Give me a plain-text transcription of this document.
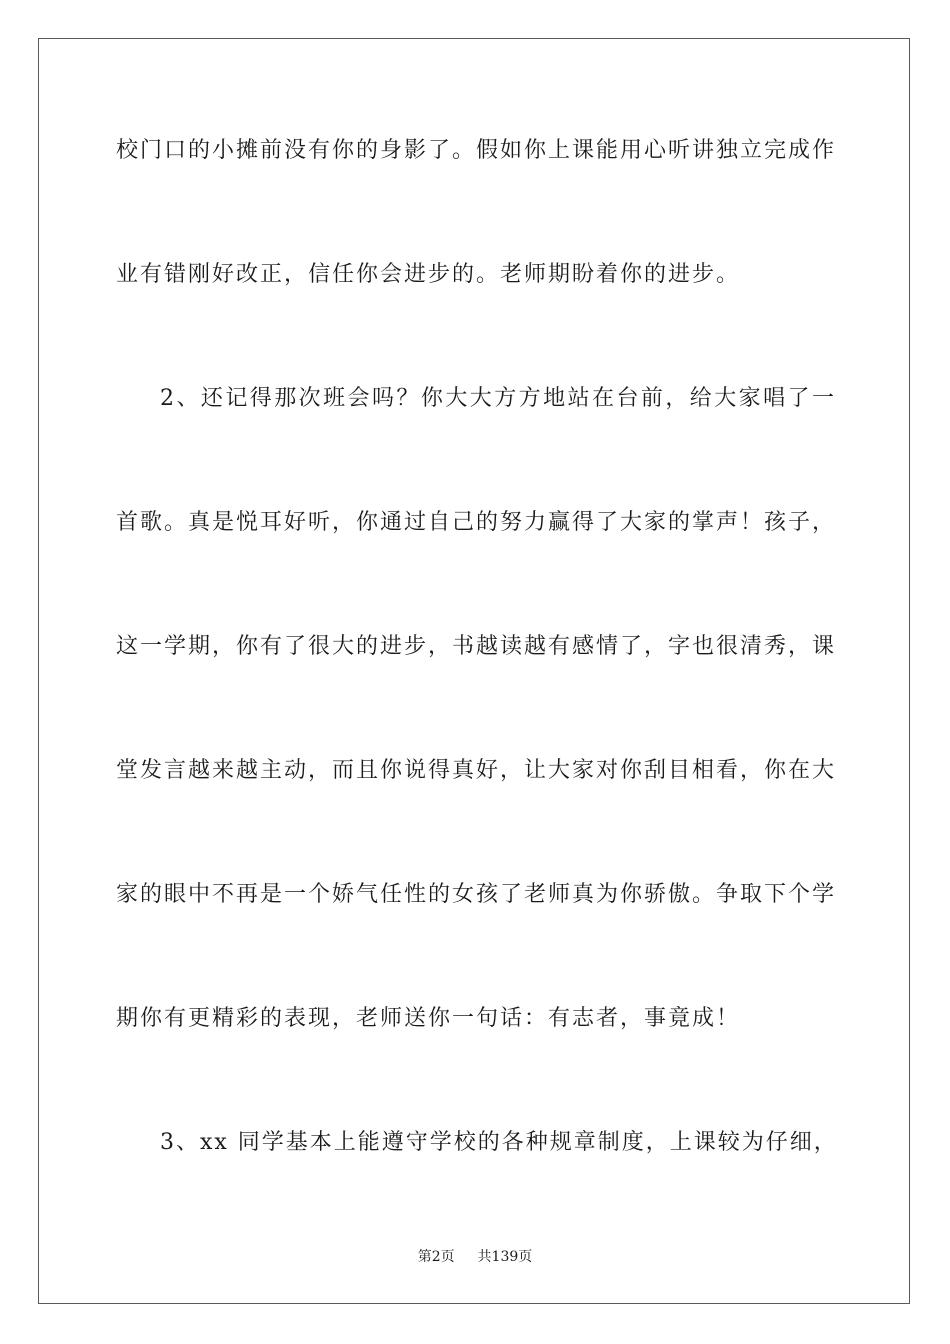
校门口的小摊前没有你的身影了。假如你上课能用心听讲独立完成作

业有错刚好改正，信任你会进步的。老师期盼着你的进步。

2、还记得那次班会吗？你大大方方地站在台前，给大家唱了一

首歌。真是悦耳好听，你通过自己的努力赢得了大家的掌声！孩子，

这一学期，你有了很大的进步，书越读越有感情了，字也很清秀，课

堂发言越来越主动，而且你说得真好，让大家对你刮目相看，你在大

家的眼中不再是一个娇气任性的女孩了老师真为你骄傲。争取下个学

期你有更精彩的表现，老师送你一句话：有志者，事竟成！

3、xx 同学基本上能遵守学校的各种规章制度，上课较为仔细，

第2页 共139页
